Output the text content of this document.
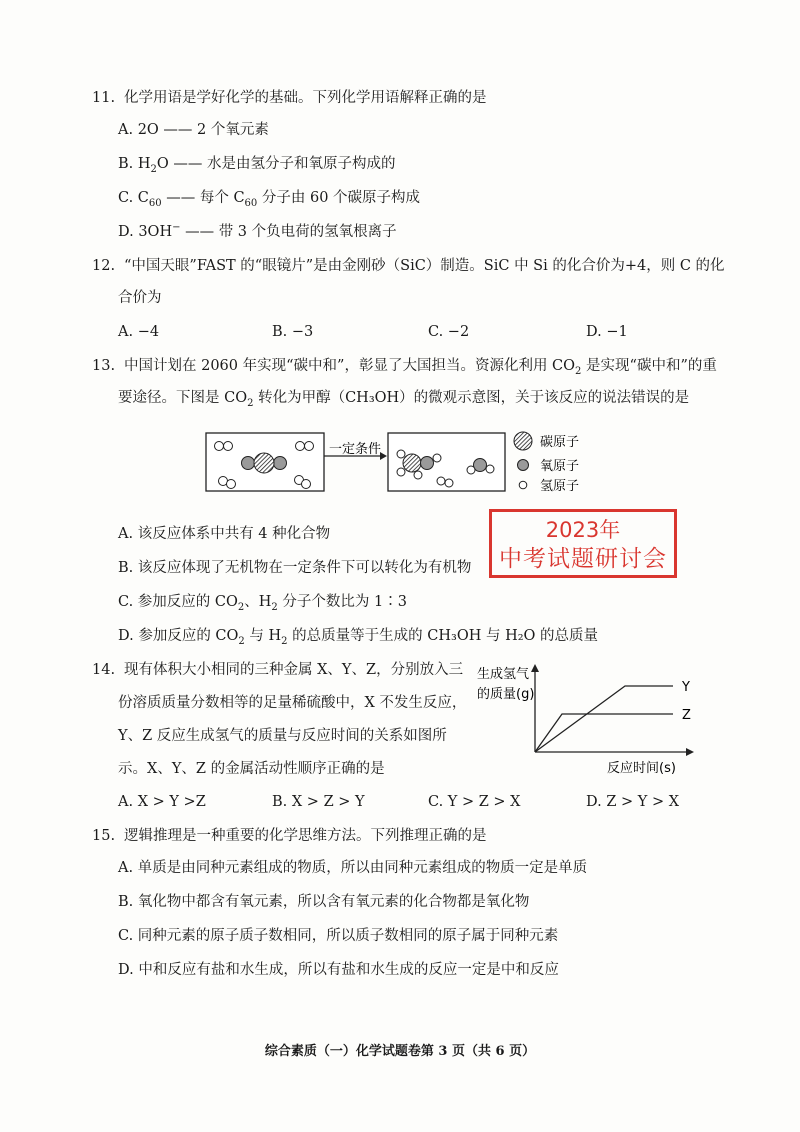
11. 化学用语是学好化学的基础。下列化学用语解释正确的是
A. 2O —— 2 个氧元素
B. $H_2O$ —— 水是由氢分子和氧原子构成的
C. $C_{60}$ —— 每个 $C_{60}$ 分子由 60 个碳原子构成
D. 3OH− —— 带 3 个负电荷的氢氧根离子
12. “中国天眼”FAST 的“眼镜片”是由金刚砂（SiC）制造。SiC 中 Si 的化合价为+4，则 C 的化
合价为
A. −4	B. −3	C. −2	D. −1
13. 中国计划在 2060 年实现“碳中和”，彰显了大国担当。资源化利用 $CO_2$ 是实现“碳中和”的重
要途径。下图是 $CO_2$ 转化为甲醇（CH₃OH）的微观示意图，关于该反应的说法错误的是
一定条件	碳原子
氧原子
氢原子
A. 该反应体系中共有 4 种化合物
B. 该反应体现了无机物在一定条件下可以转化为有机物
C. 参加反应的 $CO_2$、$H_2$ 分子个数比为 1∶3
D. 参加反应的 $CO_2$ 与 $H_2$ 的总质量等于生成的 CH₃OH 与 H₂O 的总质量
2023年
中考试题研讨会
14. 现有体积大小相同的三种金属 X、Y、Z，分别放入三
份溶质质量分数相等的足量稀硫酸中，X 不发生反应，
Y、Z 反应生成氢气的质量与反应时间的关系如图所
示。X、Y、Z 的金属活动性顺序正确的是
生成氢气
的质量(g)
反应时间(s)
Y
Z
A. X > Y >Z	B. X > Z > Y	C. Y > Z > X	D. Z > Y > X
15. 逻辑推理是一种重要的化学思维方法。下列推理正确的是
A. 单质是由同种元素组成的物质，所以由同种元素组成的物质一定是单质
B. 氧化物中都含有氧元素，所以含有氧元素的化合物都是氧化物
C. 同种元素的原子质子数相同，所以质子数相同的原子属于同种元素
D. 中和反应有盐和水生成，所以有盐和水生成的反应一定是中和反应
综合素质（一）化学试题卷第 3 页（共 6 页）
